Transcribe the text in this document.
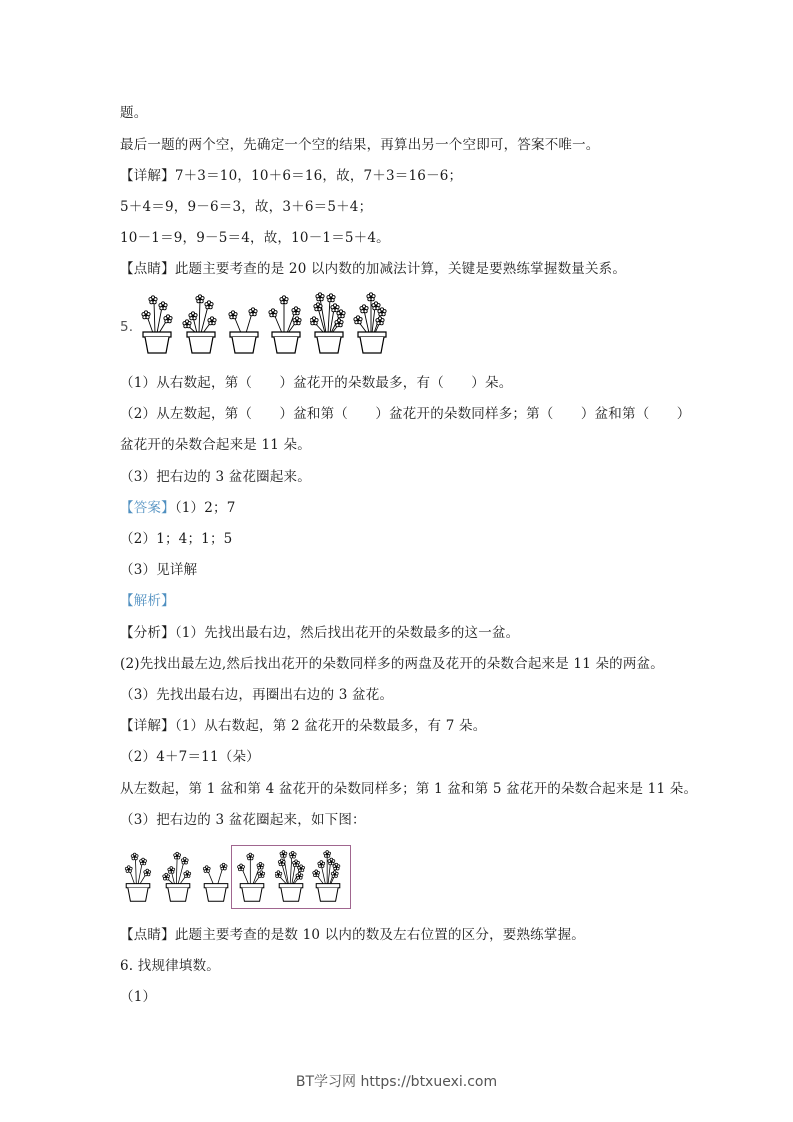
题。
最后一题的两个空，先确定一个空的结果，再算出另一个空即可，答案不唯一。
【详解】7＋3＝10，10＋6＝16，故，7＋3＝16－6；
5＋4＝9，9－6＝3，故，3＋6＝5＋4；
10－1＝9，9－5＝4，故，10－1＝5＋4。
【点睛】此题主要考查的是 20 以内数的加减法计算，关键是要熟练掌握数量关系。
5.
（1）从右数起，第（　　）盆花开的朵数最多，有（　　）朵。
（2）从左数起，第（　　）盆和第（　　）盆花开的朵数同样多；第（　　）盆和第（　　）
盆花开的朵数合起来是 11 朵。
（3）把右边的 3 盆花圈起来。
【答案】（1）2；7
（2）1；4；1；5
（3）见详解
【解析】
【分析】（1）先找出最右边，然后找出花开的朵数最多的这一盆。
(2)先找出最左边,然后找出花开的朵数同样多的两盘及花开的朵数合起来是 11 朵的两盆。
（3）先找出最右边，再圈出右边的 3 盆花。
【详解】（1）从右数起，第 2 盆花开的朵数最多，有 7 朵。
（2）4＋7＝11（朵）
从左数起，第 1 盆和第 4 盆花开的朵数同样多；第 1 盆和第 5 盆花开的朵数合起来是 11 朵。
（3）把右边的 3 盆花圈起来，如下图：
【点睛】此题主要考查的是数 10 以内的数及左右位置的区分，要熟练掌握。
6. 找规律填数。
（1）
BT学习网 https://btxuexi.com
